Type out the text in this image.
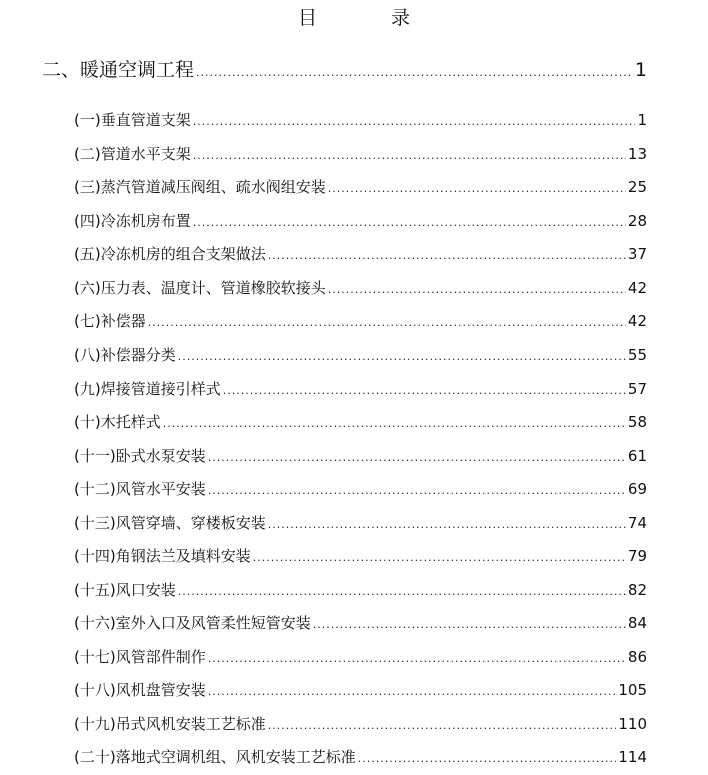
目 录
二、暖通空调工程 .....	1
(一) 垂直管道支架 .....	1
(二) 管道水平支架 .....	13
(三) 蒸汽管道减压阀组、疏水阀组安装 .....	25
(四) 冷冻机房布置 .....	28
(五) 冷冻机房的组合支架做法 .....	37
(六) 压力表、温度计、管道橡胶软接头 .....	42
(七) 补偿器 .....	42
(八) 补偿器分类 .....	55
(九) 焊接管道接引样式 .....	57
(十) 木托样式 .....	58
(十一) 卧式水泵安装 .....	61
(十二) 风管水平安装 .....	69
(十三) 风管穿墙、穿楼板安装 .....	74
(十四) 角钢法兰及填料安装 .....	79
(十五) 风口安装 .....	82
(十六) 室外入口及风管柔性短管安装 .....	84
(十七) 风管部件制作 .....	86
(十八) 风机盘管安装 .....	105
(十九) 吊式风机安装工艺标准 .....	110
(二十) 落地式空调机组、风机安装工艺标准 .....	114
